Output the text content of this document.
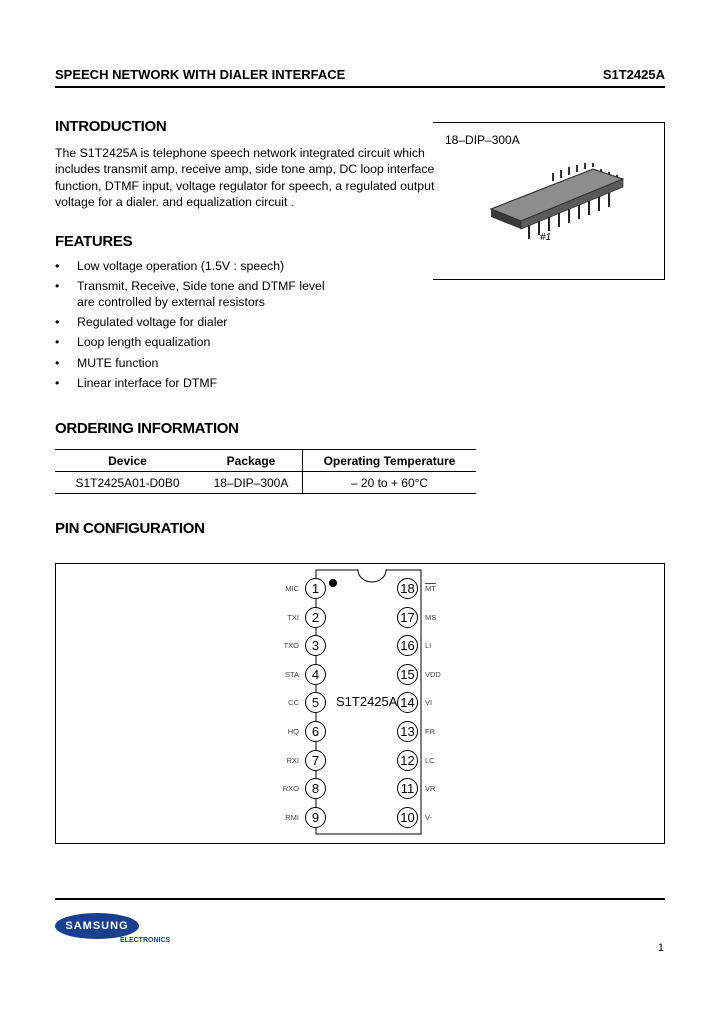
SPEECH NETWORK WITH DIALER INTERFACE	S1T2425A
INTRODUCTION
The S1T2425A is telephone speech network integrated circuit which
includes transmit amp, receive amp, side tone amp, DC loop interface
function, DTMF input, voltage regulator for speech, a regulated output
voltage for a dialer. and equalization circuit .
18–DIP–300A
#1
FEATURES
• Low voltage operation (1.5V : speech)
• Transmit, Receive, Side tone and DTMF level
are controlled by external resistors
• Regulated voltage for dialer
• Loop length equalization
• MUTE function
• Linear interface for DTMF
ORDERING INFORMATION
Device	Package	Operating Temperature
S1T2425A01-D0B0	18–DIP–300A	– 20 to + 60°C
PIN CONFIGURATION
S1T2425A
MIC 1
TXI 2
TXO 3
STA 4
CC 5
HQ 6
RXI 7
RXO 8
RMI 9
18	$\overline{MT}$
17	MS
16	LI
15	VDD
14	VI
13	FR
12	LC
11	VR
10	V-
SAMSUNG
ELECTRONICS
1
